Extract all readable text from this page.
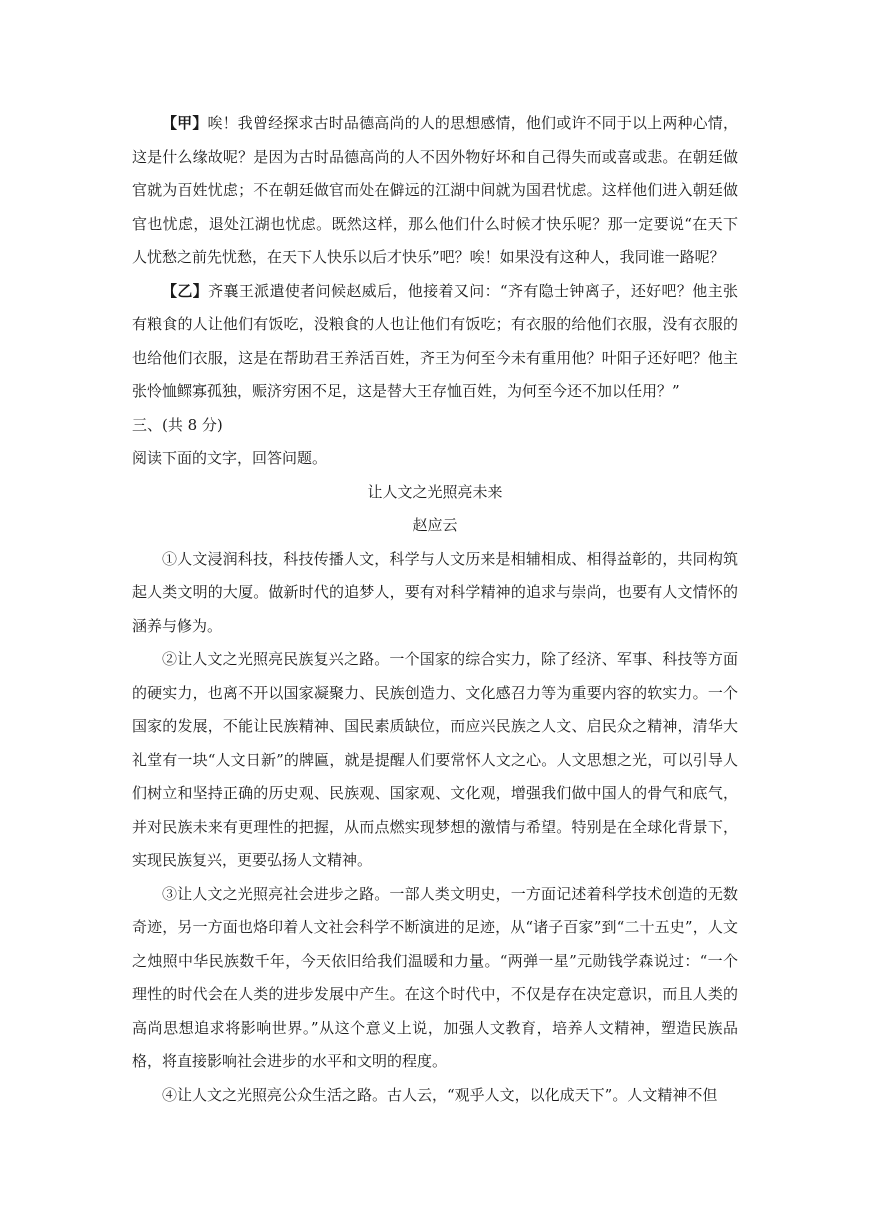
【甲】唉！我曾经探求古时品德高尚的人的思想感情，他们或许不同于以上两种心情，这是什么缘故呢？是因为古时品德高尚的人不因外物好坏和自己得失而或喜或悲。在朝廷做官就为百姓忧虑；不在朝廷做官而处在僻远的江湖中间就为国君忧虑。这样他们进入朝廷做官也忧虑，退处江湖也忧虑。既然这样，那么他们什么时候才快乐呢？那一定要说“在天下人忧愁之前先忧愁，在天下人快乐以后才快乐”吧？唉！如果没有这种人，我同谁一路呢？

【乙】齐襄王派遣使者问候赵威后，他接着又问：“齐有隐士钟离子，还好吧？他主张有粮食的人让他们有饭吃，没粮食的人也让他们有饭吃；有衣服的给他们衣服，没有衣服的也给他们衣服，这是在帮助君王养活百姓，齐王为何至今未有重用他？叶阳子还好吧？他主张怜恤鳏寡孤独，赈济穷困不足，这是替大王存恤百姓，为何至今还不加以任用？”

三、(共 8 分)

阅读下面的文字，回答问题。

让人文之光照亮未来

赵应云

①人文浸润科技，科技传播人文，科学与人文历来是相辅相成、相得益彰的，共同构筑起人类文明的大厦。做新时代的追梦人，要有对科学精神的追求与崇尚，也要有人文情怀的涵养与修为。

②让人文之光照亮民族复兴之路。一个国家的综合实力，除了经济、军事、科技等方面的硬实力，也离不开以国家凝聚力、民族创造力、文化感召力等为重要内容的软实力。一个国家的发展，不能让民族精神、国民素质缺位，而应兴民族之人文、启民众之精神，清华大礼堂有一块“人文日新”的牌匾，就是提醒人们要常怀人文之心。人文思想之光，可以引导人们树立和坚持正确的历史观、民族观、国家观、文化观，增强我们做中国人的骨气和底气，并对民族未来有更理性的把握，从而点燃实现梦想的激情与希望。特别是在全球化背景下，实现民族复兴，更要弘扬人文精神。

③让人文之光照亮社会进步之路。一部人类文明史，一方面记述着科学技术创造的无数奇迹，另一方面也烙印着人文社会科学不断演进的足迹，从“诸子百家”到“二十五史”，人文之烛照中华民族数千年，今天依旧给我们温暖和力量。“两弹一星”元勋钱学森说过：“一个理性的时代会在人类的进步发展中产生。在这个时代中，不仅是存在决定意识，而且人类的高尚思想追求将影响世界。”从这个意义上说，加强人文教育，培养人文精神，塑造民族品格，将直接影响社会进步的水平和文明的程度。

④让人文之光照亮公众生活之路。古人云，“观乎人文，以化成天下”。人文精神不但
